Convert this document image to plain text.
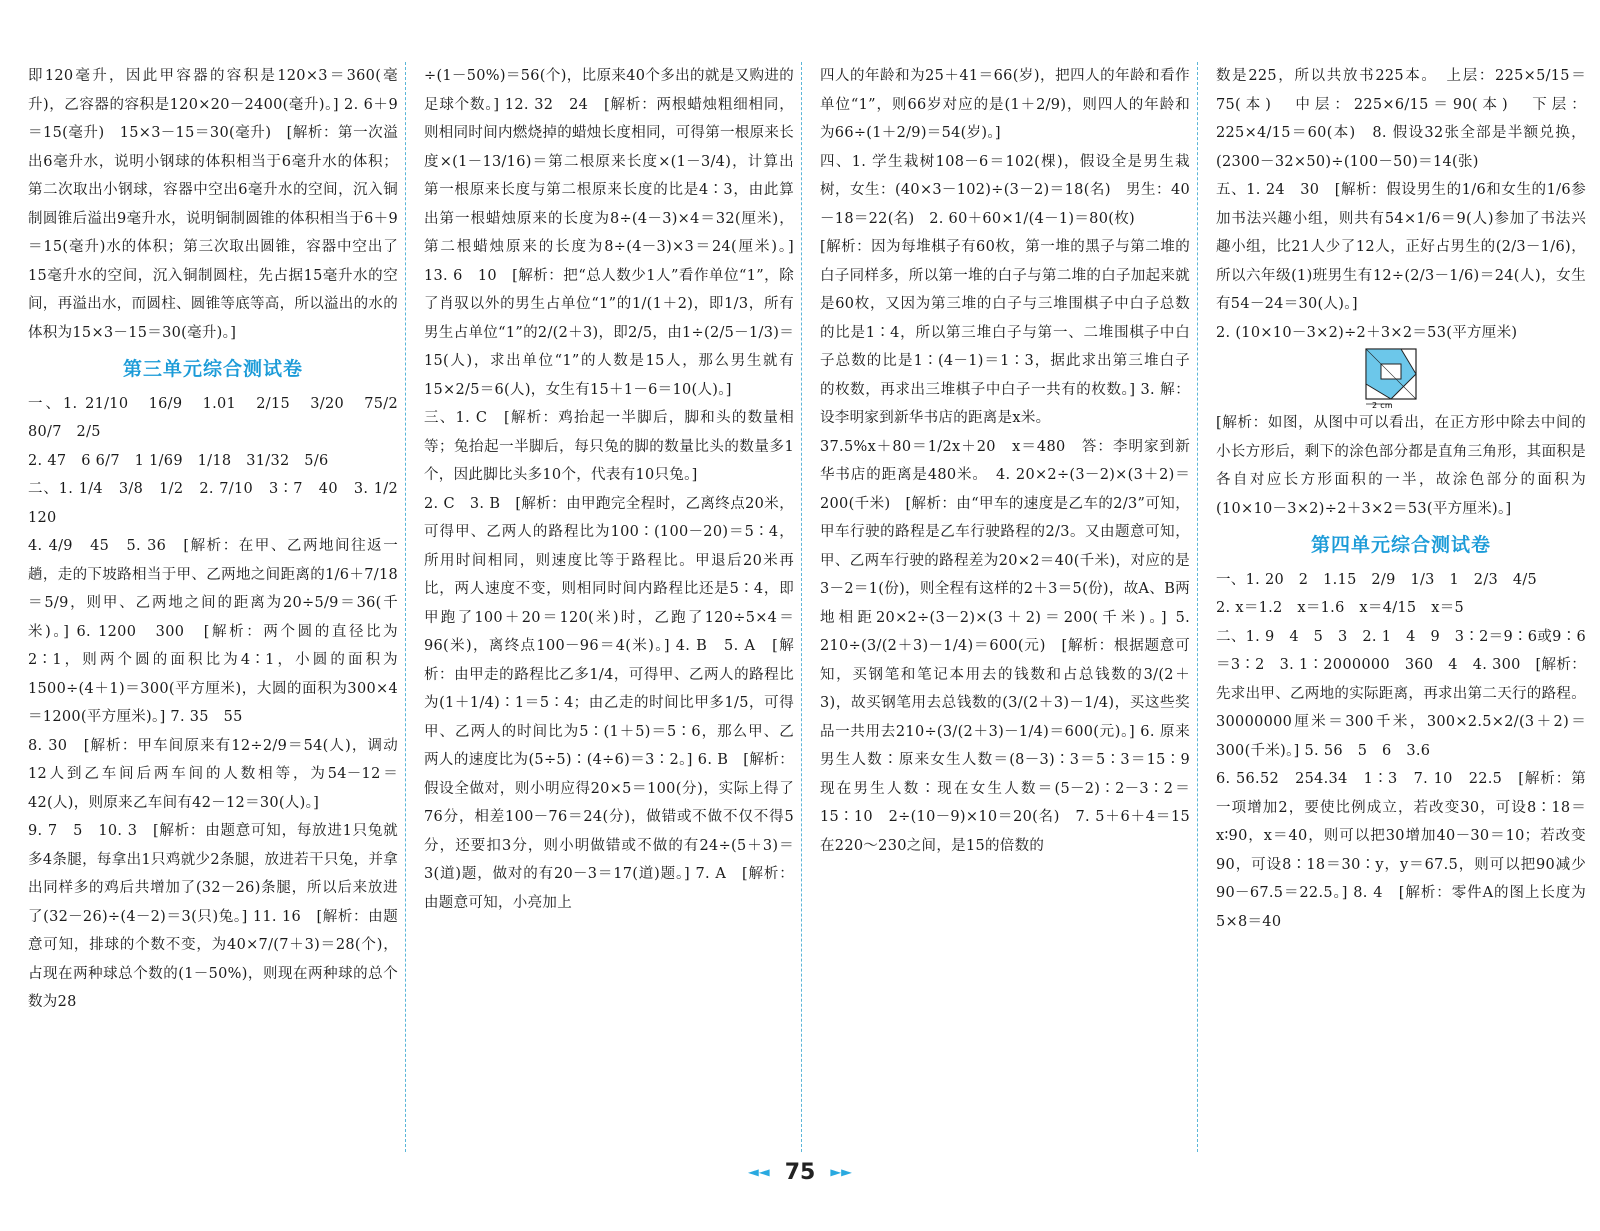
即120毫升，因此甲容器的容积是120×3＝360(毫升)，乙容器的容积是120×20－2400(毫升)。] 2. 6＋9＝15(毫升)　15×3－15＝30(毫升)　[解析：第一次溢出6毫升水，说明小钢球的体积相当于6毫升水的体积；第二次取出小钢球，容器中空出6毫升水的空间，沉入铜制圆锥后溢出9毫升水，说明铜制圆锥的体积相当于6＋9＝15(毫升)水的体积；第三次取出圆锥，容器中空出了15毫升水的空间，沉入铜制圆柱，先占据15毫升水的空间，再溢出水，而圆柱、圆锥等底等高，所以溢出的水的体积为15×3－15＝30(毫升)。]

第三单元综合测试卷

一、1. 21/10　16/9　1.01　2/15　3/20　75/2　80/7　2/5

2. 47　6 6/7　1 1/69　1/18　31/32　5/6

二、1. 1/4　3/8　1/2　2. 7/10　3∶7　40　3. 1/2　120

4. 4/9　45　5. 36　[解析：在甲、乙两地间往返一趟，走的下坡路相当于甲、乙两地之间距离的1/6＋7/18＝5/9，则甲、乙两地之间的距离为20÷5/9＝36(千米)。] 6. 1200　300　[解析：两个圆的直径比为2∶1，则两个圆的面积比为4∶1，小圆的面积为1500÷(4＋1)＝300(平方厘米)，大圆的面积为300×4＝1200(平方厘米)。] 7. 35　55

8. 30　[解析：甲车间原来有12÷2/9＝54(人)，调动12人到乙车间后两车间的人数相等，为54－12＝42(人)，则原来乙车间有42－12＝30(人)。]

9. 7　5　10. 3　[解析：由题意可知，每放进1只兔就多4条腿，每拿出1只鸡就少2条腿，放进若干只兔，并拿出同样多的鸡后共增加了(32－26)条腿，所以后来放进了(32－26)÷(4－2)＝3(只)兔。] 11. 16　[解析：由题意可知，排球的个数不变，为40×7/(7＋3)＝28(个)，占现在两种球总个数的(1－50%)，则现在两种球的总个数为28

÷(1－50%)＝56(个)，比原来40个多出的就是又购进的足球个数。] 12. 32　24　[解析：两根蜡烛粗细相同，则相同时间内燃烧掉的蜡烛长度相同，可得第一根原来长度×(1－13/16)＝第二根原来长度×(1－3/4)，计算出第一根原来长度与第二根原来长度的比是4∶3，由此算出第一根蜡烛原来的长度为8÷(4－3)×4＝32(厘米)，第二根蜡烛原来的长度为8÷(4－3)×3＝24(厘米)。] 13. 6　10　[解析：把“总人数少1人”看作单位“1”，除了肖驭以外的男生占单位“1”的1/(1＋2)，即1/3，所有男生占单位“1”的2/(2＋3)，即2/5，由1÷(2/5－1/3)＝15(人)，求出单位“1”的人数是15人，那么男生就有15×2/5＝6(人)，女生有15＋1－6＝10(人)。]

三、1. C　[解析：鸡抬起一半脚后，脚和头的数量相等；兔抬起一半脚后，每只兔的脚的数量比头的数量多1个，因此脚比头多10个，代表有10只兔。]

2. C　3. B　[解析：由甲跑完全程时，乙离终点20米，可得甲、乙两人的路程比为100∶(100－20)＝5∶4，所用时间相同，则速度比等于路程比。甲退后20米再比，两人速度不变，则相同时间内路程比还是5∶4，即甲跑了100＋20＝120(米)时，乙跑了120÷5×4＝96(米)，离终点100－96＝4(米)。] 4. B　5. A　[解析：由甲走的路程比乙多1/4，可得甲、乙两人的路程比为(1＋1/4)∶1＝5∶4；由乙走的时间比甲多1/5，可得甲、乙两人的时间比为5∶(1＋5)＝5∶6，那么甲、乙两人的速度比为(5÷5)∶(4÷6)＝3∶2。] 6. B　[解析：假设全做对，则小明应得20×5＝100(分)，实际上得了76分，相差100－76＝24(分)，做错或不做不仅不得5分，还要扣3分，则小明做错或不做的有24÷(5＋3)＝3(道)题，做对的有20－3＝17(道)题。] 7. A　[解析：由题意可知，小亮加上

四人的年龄和为25＋41＝66(岁)，把四人的年龄和看作单位“1”，则66岁对应的是(1＋2/9)，则四人的年龄和为66÷(1＋2/9)＝54(岁)。]

四、1. 学生栽树108－6＝102(棵)，假设全是男生栽树，女生：(40×3－102)÷(3－2)＝18(名)　男生：40－18＝22(名)　2. 60＋60×1/(4－1)＝80(枚)

[解析：因为每堆棋子有60枚，第一堆的黑子与第二堆的白子同样多，所以第一堆的白子与第二堆的白子加起来就是60枚，又因为第三堆的白子与三堆围棋子中白子总数的比是1∶4，所以第三堆白子与第一、二堆围棋子中白子总数的比是1∶(4－1)＝1∶3，据此求出第三堆白子的枚数，再求出三堆棋子中白子一共有的枚数。] 3. 解：设李明家到新华书店的距离是x米。

37.5%x＋80＝1/2x＋20　x＝480　答：李明家到新华书店的距离是480米。　4. 20×2÷(3－2)×(3＋2)＝200(千米)　[解析：由“甲车的速度是乙车的2/3”可知，甲车行驶的路程是乙车行驶路程的2/3。又由题意可知，甲、乙两车行驶的路程差为20×2＝40(千米)，对应的是3－2＝1(份)，则全程有这样的2＋3＝5(份)，故A、B两地相距20×2÷(3－2)×(3＋2)＝200(千米)。] 5. 210÷(3/(2＋3)－1/4)＝600(元)　[解析：根据题意可知，买钢笔和笔记本用去的钱数和占总钱数的3/(2＋3)，故买钢笔用去总钱数的(3/(2＋3)－1/4)，买这些奖品一共用去210÷(3/(2＋3)－1/4)＝600(元)。] 6. 原来男生人数∶原来女生人数＝(8－3)∶3＝5∶3＝15∶9　现在男生人数∶现在女生人数＝(5－2)∶2－3∶2＝15∶10　2÷(10－9)×10＝20(名)　7. 5＋6＋4＝15　在220～230之间，是15的倍数的

数是225，所以共放书225本。　上层：225×5/15＝75(本)　中层：225×6/15＝90(本)　下层：225×4/15＝60(本)　8. 假设32张全部是半额兑换，(2300－32×50)÷(100－50)＝14(张)

五、1. 24　30　[解析：假设男生的1/6和女生的1/6参加书法兴趣小组，则共有54×1/6＝9(人)参加了书法兴趣小组，比21人少了12人，正好占男生的(2/3－1/6)，所以六年级(1)班男生有12÷(2/3－1/6)＝24(人)，女生有54－24＝30(人)。]

2. (10×10－3×2)÷2＋3×2＝53(平方厘米)

2 cm

[解析：如图，从图中可以看出，在正方形中除去中间的小长方形后，剩下的涂色部分都是直角三角形，其面积是各自对应长方形面积的一半，故涂色部分的面积为(10×10－3×2)÷2＋3×2＝53(平方厘米)。]

第四单元综合测试卷

一、1. 20　2　1.15　2/9　1/3　1　2/3　4/5

2. x＝1.2　x＝1.6　x＝4/15　x＝5

二、1. 9　4　5　3　2. 1　4　9　3∶2＝9∶6或9∶6＝3∶2　3. 1∶2000000　360　4　4. 300　[解析：先求出甲、乙两地的实际距离，再求出第二天行的路程。30000000厘米＝300千米，300×2.5×2/(3＋2)＝300(千米)。] 5. 56　5　6　3.6

6. 56.52　254.34　1∶3　7. 10　22.5　[解析：第一项增加2，要使比例成立，若改变30，可设8∶18＝x∶90，x＝40，则可以把30增加40－30＝10；若改变90，可设8∶18＝30∶y，y＝67.5，则可以把90减少90－67.5＝22.5。] 8. 4　[解析：零件A的图上长度为5×8＝40

◄◄ 75 ►►
